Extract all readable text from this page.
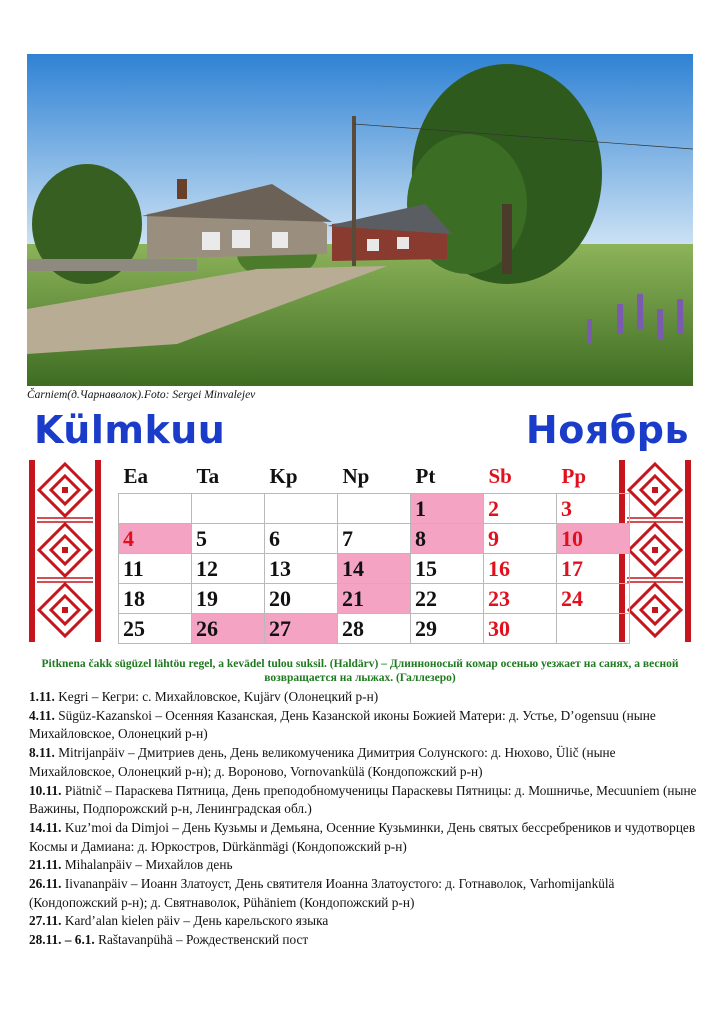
Čarniem(д.Чарнаволок).Foto: Sergei Minvalejev
Külmkuu	Ноябрь
Ea	Ta	Kp	Np	Pt	Sb	Pp
				1	2	3
4	5	6	7	8	9	10
11	12	13	14	15	16	17
18	19	20	21	22	23	24
25	26	27	28	29	30	
Pitknena čakk sügüzel lähtöu regel, a kevädel tulou suksil. (Haldärv) – Длинноносый комар осенью уезжает на санях, а весной возвращается на лыжах. (Галлезеро)

1.11. Kegri – Кегри: с. Михайловское, Kujärv (Олонецкий р-н)

4.11. Sügüz-Kazanskoi – Осенняя Казанская, День Казанской иконы Божией Матери: д. Устье, D’ogensuu (ныне Михайловское, Олонецкий р-н)

8.11. Mitrijanpäiv – Дмитриев день, День великомученика Димитрия Солунского: д. Нюхово, Ülič (ныне Михайловское, Олонецкий р-н); д. Вороново, Vornovankülä (Кондопожский р-н)

10.11. Piätnič – Параскева Пятница, День преподобномученицы Параскевы Пятницы: д. Мошничье, Mecuuniem (ныне Важины, Подпорожский р-н, Ленинградская обл.)

14.11. Kuz’moi da Dimjoi – День Кузьмы и Демьяна, Осенние Кузьминки, День святых бессребреников и чудотворцев Космы и Дамиана: д. Юркостров, Dürkänmägi (Кондопожский р-н)

21.11. Mihalanpäiv – Михайлов день

26.11. Iivananpäiv – Иоанн Златоуст, День святителя Иоанна Златоустого: д. Готнаволок, Varhomijankülä (Кондопожский р-н); д. Святнаволок, Pühäniem (Кондопожский р-н)

27.11. Kard’alan kielen päiv – День карельского языка

28.11. – 6.1. Raštavanpühä – Рождественский пост
